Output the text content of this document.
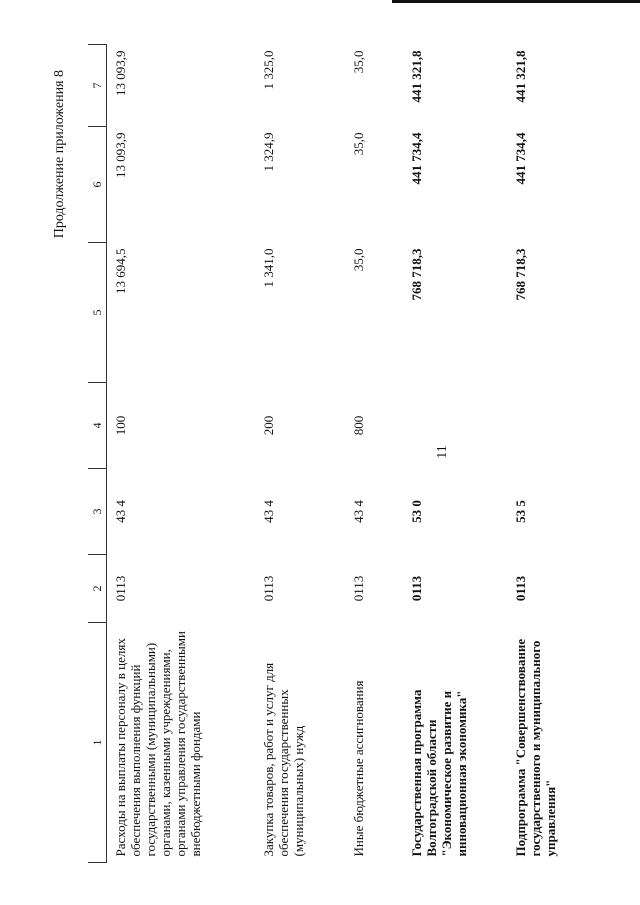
11
Продолжение приложения 8
1	2	3	4	5	6	7
Расходы на выплаты персоналу в целях обеспечения выполнения функций государственными (муниципальными) органами, казенными учреждениями, органами управления государственными внебюджетными фондами	0113	43 4	100	13 694,5	13 093,9	13 093,9
Закупка товаров, работ и услуг для обеспечения государственных (муниципальных) нужд	0113	43 4	200	1 341,0	1 324,9	1 325,0
Иные бюджетные ассигнования	0113	43 4	800	35,0	35,0	35,0
Государственная программа Волгоградской области "Экономическое развитие и инновационная экономика"	0113	53 0		768 718,3	441 734,4	441 321,8
Подпрограмма "Совершенствование государственного и муниципального управления"	0113	53 5		768 718,3	441 734,4	441 321,8
